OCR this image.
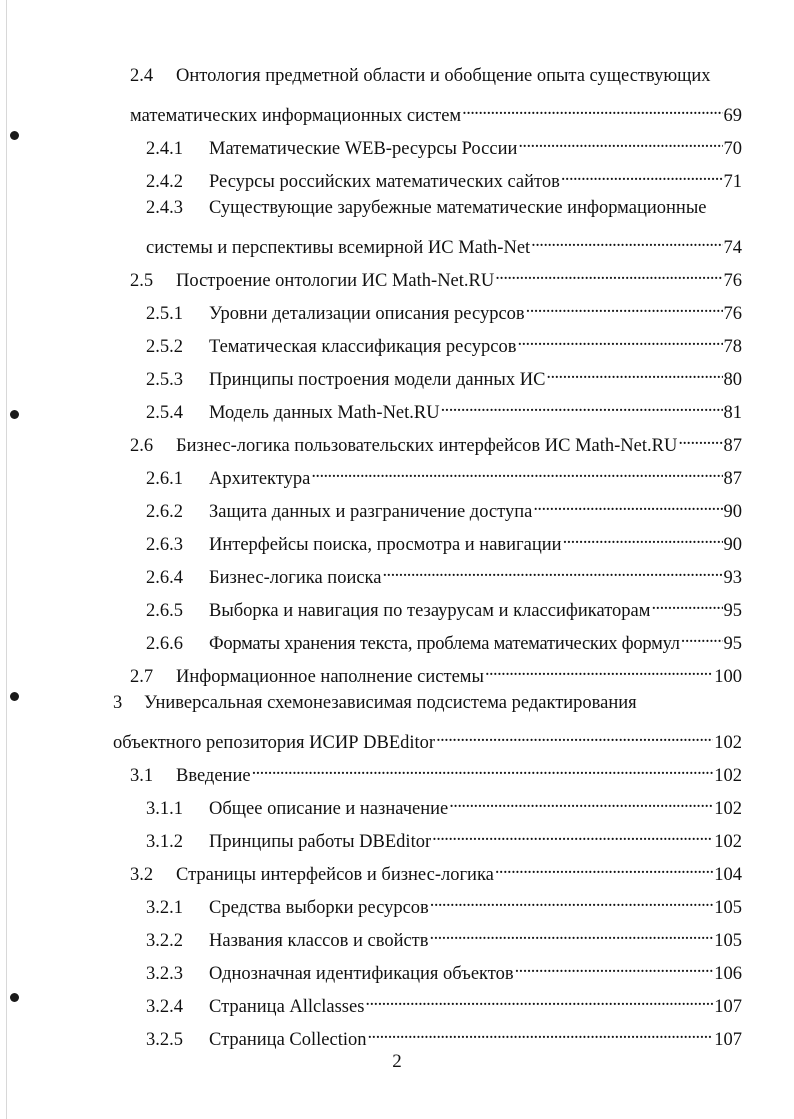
2.4	Онтология предметной области и обобщение опыта существующих
математических информационных систем . . .	69
2.4.1	Математические WEB-ресурсы России . . .	70
2.4.2	Ресурсы российских математических сайтов . . .	71
2.4.3	Существующие зарубежные математические информационные
системы и перспективы всемирной ИС Math-Net . . .	74
2.5	Построение онтологии ИС Math-Net.RU . . .	76
2.5.1	Уровни детализации описания ресурсов . . .	76
2.5.2	Тематическая классификация ресурсов . . .	78
2.5.3	Принципы построения модели данных ИС . . .	80
2.5.4	Модель данных Math-Net.RU . . .	81
2.6	Бизнес-логика пользовательских интерфейсов ИС Math-Net.RU . . . 87
2.6.1	Архитектура . . .	87
2.6.2	Защита данных и разграничение доступа . . .	90
2.6.3	Интерфейсы поиска, просмотра и навигации . . .	90
2.6.4	Бизнес-логика поиска . . .	93
2.6.5	Выборка и навигация по тезаурусам и классификаторам . . .	95
2.6.6	Форматы хранения текста, проблема математических формул . . . 95
2.7	Информационное наполнение системы . . .	100
3	Универсальная схемонезависимая подсистема редактирования
объектного репозитория ИСИР DBEditor . . .	102
3.1	Введение . . .	102
3.1.1	Общее описание и назначение . . .	102
3.1.2	Принципы работы DBEditor . . .	102
3.2	Страницы интерфейсов и бизнес-логика . . .	104
3.2.1	Средства выборки ресурсов . . .	105
3.2.2	Названия классов и свойств . . .	105
3.2.3	Однозначная идентификация объектов . . .	106
3.2.4	Страница Allclasses . . .	107
3.2.5	Страница Collection . . .	107
2
